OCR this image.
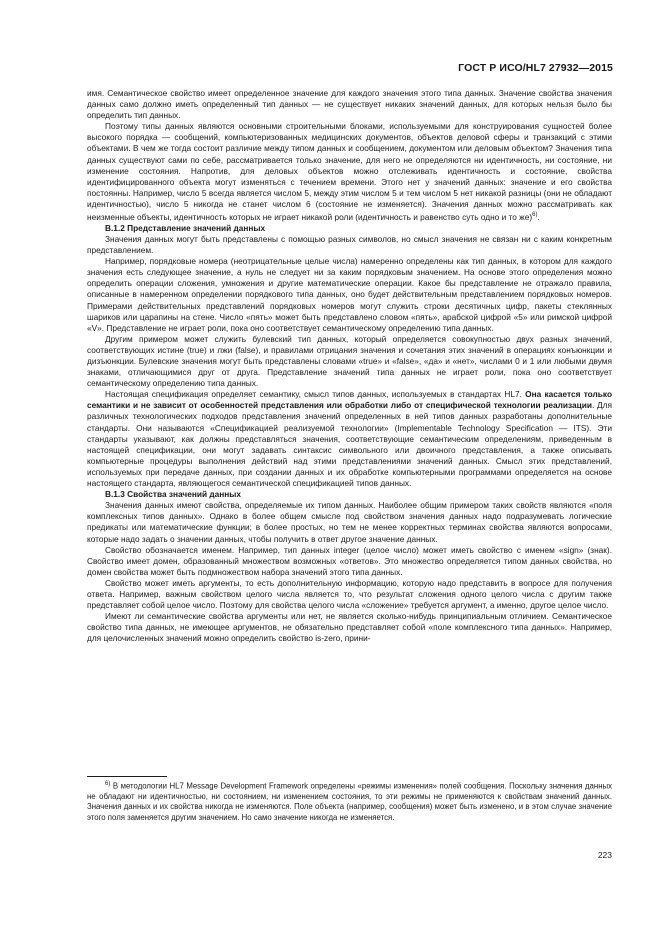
ГОСТ Р ИСО/HL7 27932—2015

имя. Семантическое свойство имеет определенное значение для каждого значения этого типа данных. Значение свойства значения данных само должно иметь определенный тип данных — не существует никаких значений данных, для которых нельзя было бы определить тип данных.

Поэтому типы данных являются основными строительными блоками, используемыми для конструирования сущностей более высокого порядка — сообщений, компьютеризованных медицинских документов, объектов деловой сферы и транзакций с этими объектами. В чем же тогда состоит различие между типом данных и сообщением, документом или деловым объектом? Значения типа данных существуют сами по себе, рассматривается только значение, для него не определяются ни идентичность, ни состояние, ни изменение состояния. Напротив, для деловых объектов можно отслеживать идентичность и состояние, свойства идентифицированного объекта могут изменяться с течением времени. Этого нет у значений данных: значение и его свойства постоянны. Например, число 5 всегда является числом 5, между этим числом 5 и тем числом 5 нет никакой разницы (они не обладают идентичностью), число 5 никогда не станет числом 6 (состояние не изменяется). Значения данных можно рассматривать как неизменные объекты, идентичность которых не играет никакой роли (идентичность и равенство суть одно и то же)$^{6)}$.

В.1.2 Представление значений данных

Значения данных могут быть представлены с помощью разных символов, но смысл значения не связан ни с каким конкретным представлением.

Например, порядковые номера (неотрицательные целые числа) намеренно определены как тип данных, в котором для каждого значения есть следующее значение, а нуль не следует ни за каким порядковым значением. На основе этого определения можно определить операции сложения, умножения и другие математические операции. Какое бы представление не отражало правила, описанные в намеренном определении порядкового типа данных, оно будет действительным представлением порядковых номеров. Примерами действительных представлений порядковых номеров могут служить строки десятичных цифр, пакеты стеклянных шариков или царапины на стене. Число «пять» может быть представлено словом «пять», арабской цифрой «5» или римской цифрой «V». Представление не играет роли, пока оно соответствует семантическому определению типа данных.

Другим примером может служить булевский тип данных, который определяется совокупностью двух разных значений, соответствующих истине (true) и лжи (false), и правилами отрицания значения и сочетания этих значений в операциях конъюнкции и дизъюнкции. Булевские значения могут быть представлены словами «true» и «false», «да» и «нет», числами 0 и 1 или любыми двумя знаками, отличающимися друг от друга. Представление значений типа данных не играет роли, пока оно соответствует семантическому определению типа данных.

Настоящая спецификация определяет семантику, смысл типов данных, используемых в стандартах HL7. Она касается только семантики и не зависит от особенностей представления или обработки либо от специфической технологии реализации. Для различных технологических подходов представления значений определенных в ней типов данных разработаны дополнительные стандарты. Они называются «Спецификацией реализуемой технологии» (Implementable Technology Specification — ITS). Эти стандарты указывают, как должны представляться значения, соответствующие семантическим определениям, приведенным в настоящей спецификации, они могут задавать синтаксис символьного или двоичного представления, а также описывать компьютерные процедуры выполнения действий над этими представлениями значений данных. Смысл этих представлений, используемых при передаче данных, при создании данных и их обработке компьютерными программами определяется на основе настоящего стандарта, являющегося семантической спецификацией типов данных.

В.1.3 Свойства значений данных

Значения данных имеют свойства, определяемые их типом данных. Наиболее общим примером таких свойств являются «поля комплексных типов данных». Однако в более общем смысле под свойством значения данных надо подразумевать логические предикаты или математические функции; в более простых, но тем не менее корректных терминах свойства являются вопросами, которые надо задать о значении данных, чтобы получить в ответ другое значение данных.

Свойство обозначается именем. Например, тип данных integer (целое число) может иметь свойство с именем «sign» (знак). Свойство имеет домен, образованный множеством возможных «ответов». Это множество определяется типом данных свойства, но домен свойства может быть подмножеством набора значений этого типа данных.

Свойство может иметь аргументы, то есть дополнительную информацию, которую надо представить в вопросе для получения ответа. Например, важным свойством целого числа является то, что результат сложения одного целого числа с другим также представляет собой целое число. Поэтому для свойства целого числа «сложение» требуется аргумент, а именно, другое целое число.

Имеют ли семантические свойства аргументы или нет, не является сколько-нибудь принципиальным отличием. Семантическое свойство типа данных, не имеющее аргументов, не обязательно представляет собой «поле комплексного типа данных». Например, для целочисленных значений можно определить свойство is-zero, прини-

$^{6)}$ В методологии HL7 Message Development Framework определены «режимы изменения» полей сообщения. Поскольку значения данных не обладают ни идентичностью, ни состоянием, ни изменением состояния, то эти режимы не применяются к свойствам значений данных. Значения данных и их свойства никогда не изменяются. Поле объекта (например, сообщения) может быть изменено, и в этом случае значение этого поля заменяется другим значением. Но само значение никогда не изменяется.

223
